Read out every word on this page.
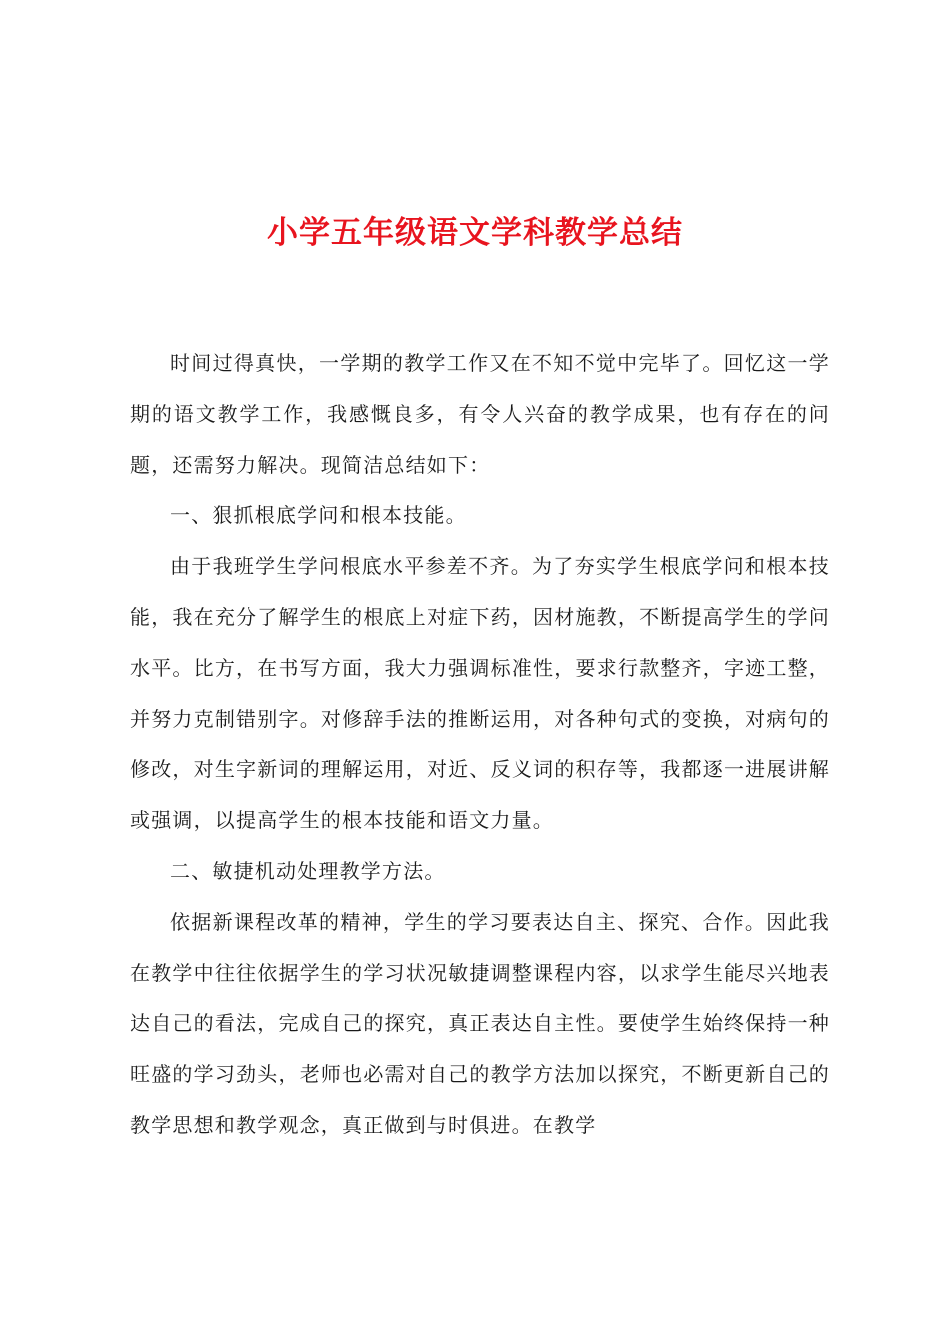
小学五年级语文学科教学总结

时间过得真快，一学期的教学工作又在不知不觉中完毕了。回忆这一学期的语文教学工作，我感慨良多，有令人兴奋的教学成果，也有存在的问题，还需努力解决。现简洁总结如下：

一、狠抓根底学问和根本技能。

由于我班学生学问根底水平参差不齐。为了夯实学生根底学问和根本技能，我在充分了解学生的根底上对症下药，因材施教，不断提高学生的学问水平。比方，在书写方面，我大力强调标准性，要求行款整齐，字迹工整，并努力克制错别字。对修辞手法的推断运用，对各种句式的变换，对病句的修改，对生字新词的理解运用，对近、反义词的积存等，我都逐一进展讲解或强调，以提高学生的根本技能和语文力量。

二、敏捷机动处理教学方法。

依据新课程改革的精神，学生的学习要表达自主、探究、合作。因此我在教学中往往依据学生的学习状况敏捷调整课程内容，以求学生能尽兴地表达自己的看法，完成自己的探究，真正表达自主性。要使学生始终保持一种旺盛的学习劲头，老师也必需对自己的教学方法加以探究，不断更新自己的教学思想和教学观念，真正做到与时俱进。在教学
